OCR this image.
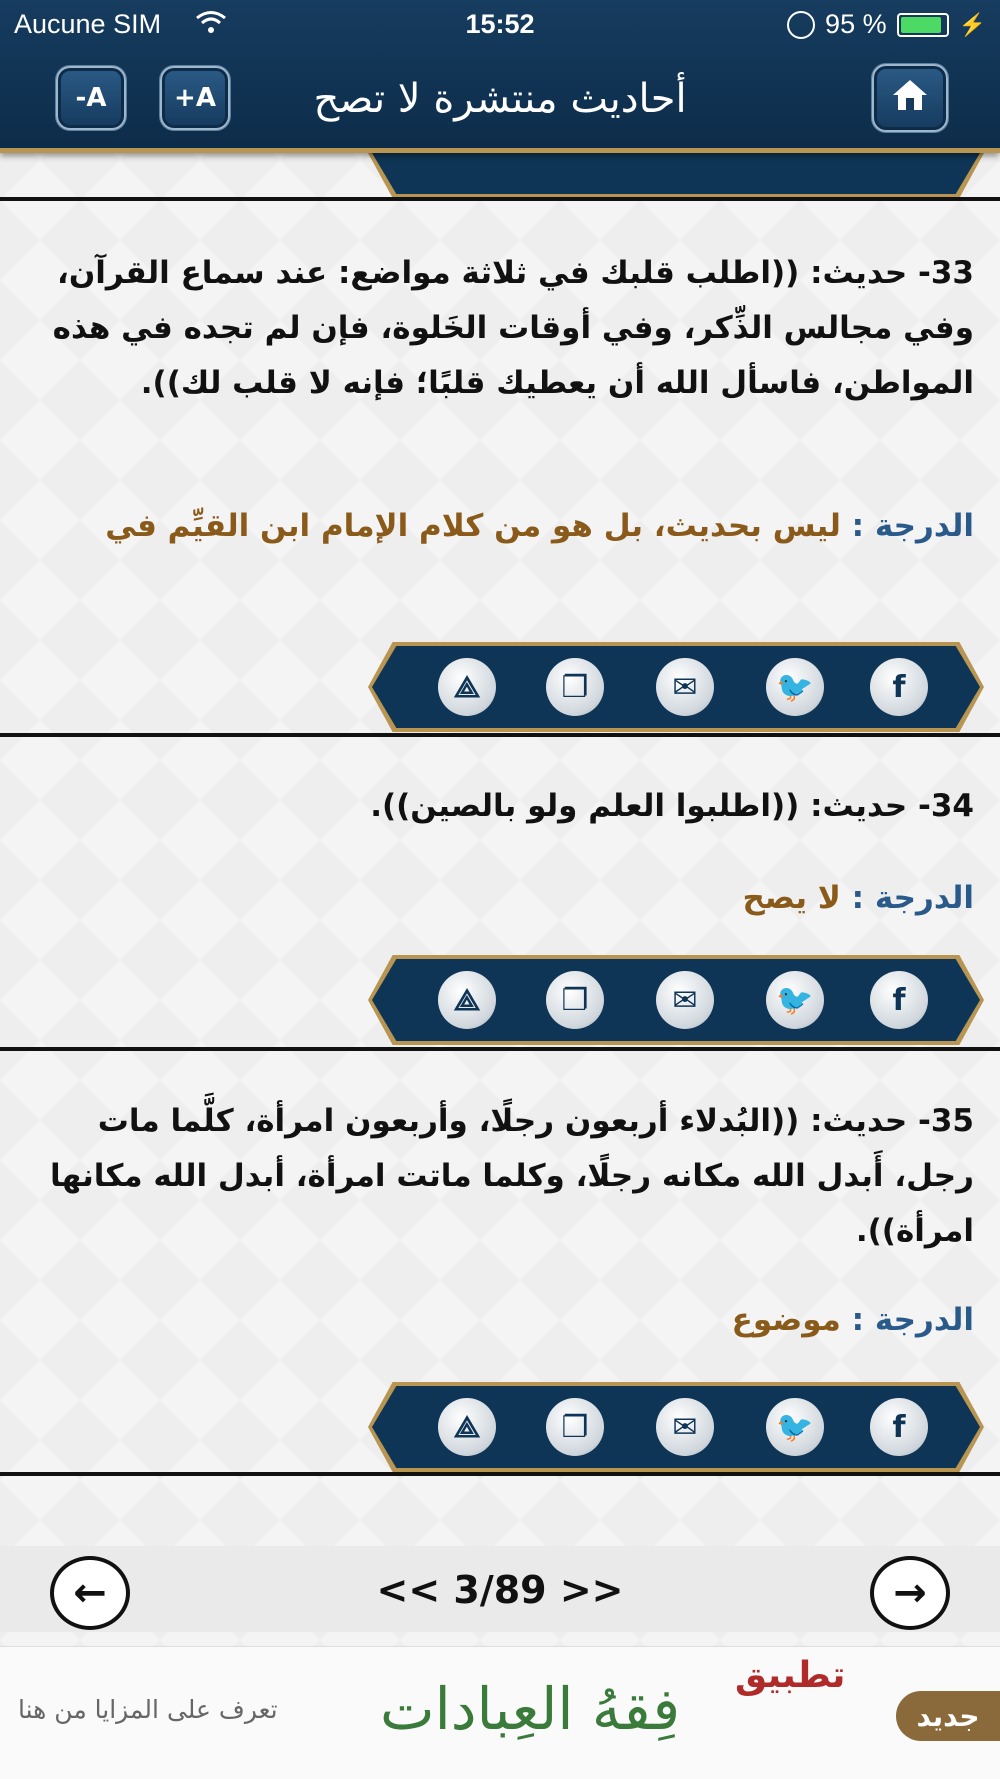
Aucune SIM	15:52	95 %	⚡
-A	+A	أحاديث منتشرة لا تصح
33- حديث: ((اطلب قلبك في ثلاثة مواضع: عند سماع القرآن، وفي مجالس الذِّكر، وفي أوقات الخَلوة، فإن لم تجده في هذه المواطن، فاسأل الله أن يعطيك قلبًا؛ فإنه لا قلب لك)).
الدرجة : ليس بحديث، بل هو من كلام الإمام ابن القيِّم في
⟁	❐	✉	🐦	f
34- حديث: ((اطلبوا العلم ولو بالصين)).
الدرجة : لا يصح
⟁	❐	✉	🐦	f
35- حديث: ((البُدلاء أربعون رجلًا، وأربعون امرأة، كلَّما مات رجل، أَبدل الله مكانه رجلًا، وكلما ماتت امرأة، أبدل الله مكانها امرأة)).
الدرجة : موضوع
⟁	❐	✉	🐦	f
←	<< 3/89 >>	→
تعرف على المزايا من هنا فِقهُ العِبادات تطبيق
جديد
